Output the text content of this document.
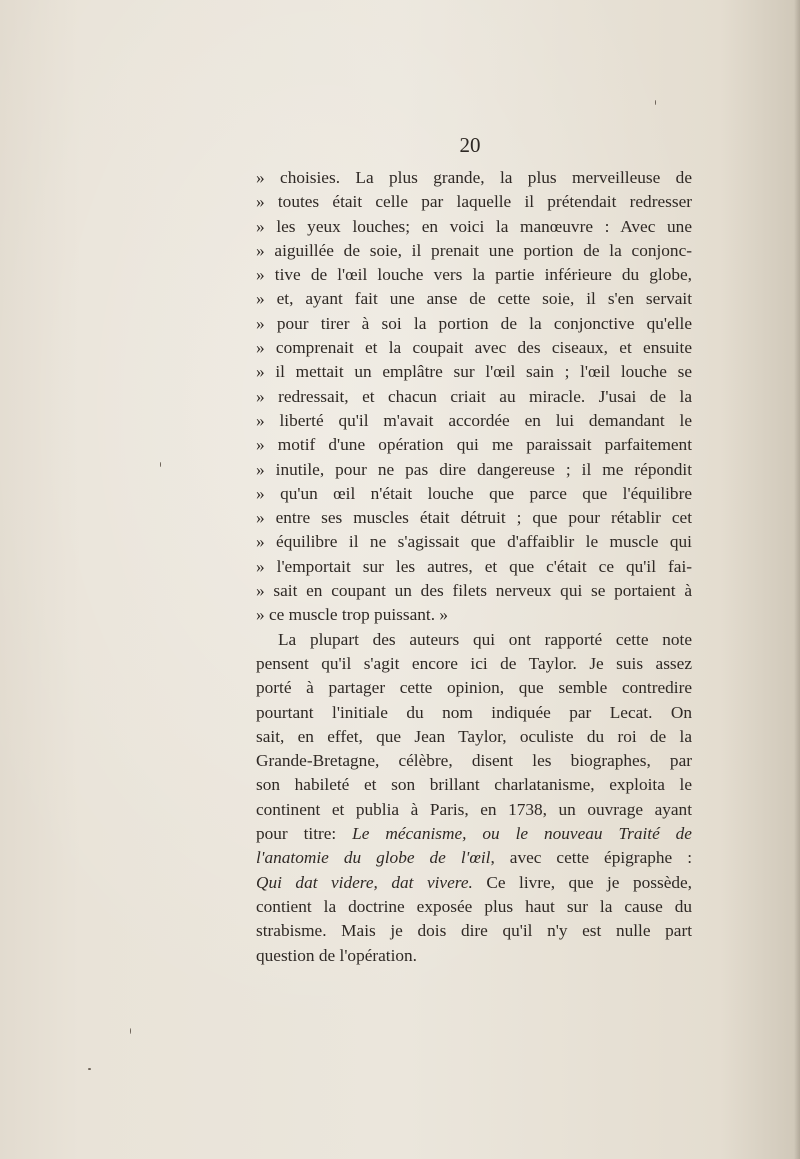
20
» choisies. La plus grande, la plus merveilleuse de
» toutes était celle par laquelle il prétendait redresser
» les yeux louches; en voici la manœuvre : Avec une
» aiguillée de soie, il prenait une portion de la conjonc-
» tive de l'œil louche vers la partie inférieure du globe,
» et, ayant fait une anse de cette soie, il s'en servait
» pour tirer à soi la portion de la conjonctive qu'elle
» comprenait et la coupait avec des ciseaux, et ensuite
» il mettait un emplâtre sur l'œil sain ; l'œil louche se
» redressait, et chacun criait au miracle. J'usai de la
» liberté qu'il m'avait accordée en lui demandant le
» motif d'une opération qui me paraissait parfaitement
» inutile, pour ne pas dire dangereuse ; il me répondit
» qu'un œil n'était louche que parce que l'équilibre
» entre ses muscles était détruit ; que pour rétablir cet
» équilibre il ne s'agissait que d'affaiblir le muscle qui
» l'emportait sur les autres, et que c'était ce qu'il fai-
» sait en coupant un des filets nerveux qui se portaient à
» ce muscle trop puissant. »
La plupart des auteurs qui ont rapporté cette note
pensent qu'il s'agit encore ici de Taylor. Je suis assez
porté à partager cette opinion, que semble contredire
pourtant l'initiale du nom indiquée par Lecat. On
sait, en effet, que Jean Taylor, oculiste du roi de la
Grande-Bretagne, célèbre, disent les biographes, par
son habileté et son brillant charlatanisme, exploita le
continent et publia à Paris, en 1738, un ouvrage ayant
pour titre: Le mécanisme, ou le nouveau Traité de
l'anatomie du globe de l'œil, avec cette épigraphe :
Qui dat videre, dat vivere. Ce livre, que je possède,
contient la doctrine exposée plus haut sur la cause du
strabisme. Mais je dois dire qu'il n'y est nulle part
question de l'opération.
